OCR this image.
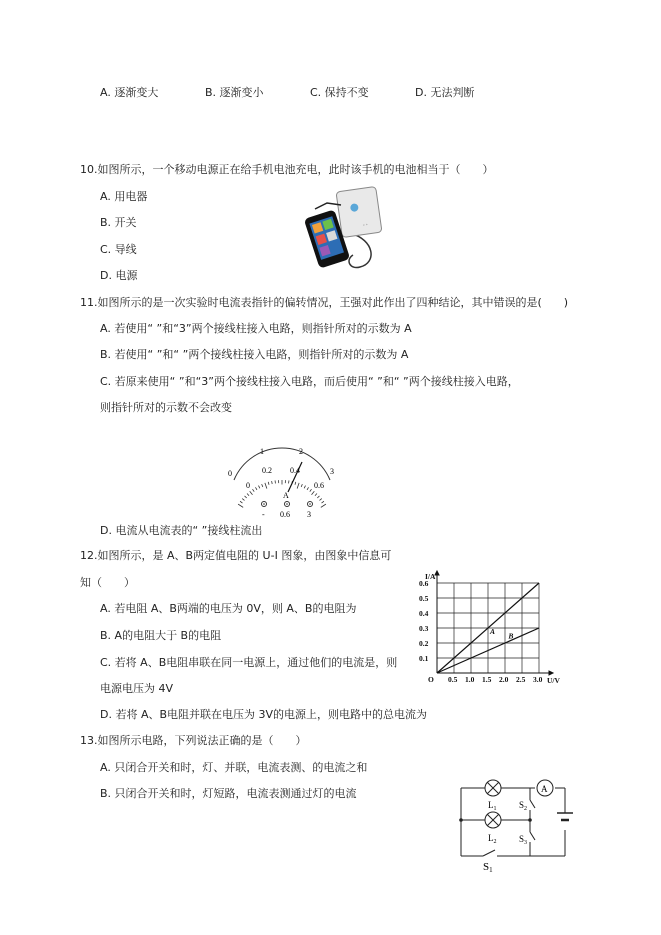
A. 逐渐变大	B. 逐渐变小	C. 保持不变	D. 无法判断
10.如图所示，一个移动电源正在给手机电池充电，此时该手机的电池相当于（　　）
A. 用电器
B. 开关
C. 导线
D. 电源
◦ ◦
11.如图所示的是一次实验时电流表指针的偏转情况，王强对此作出了四种结论，其中错误的是(　　)
A. 若使用“ ”和“3”两个接线柱接入电路，则指针所对的示数为 A
B. 若使用“ ”和“ ”两个接线柱接入电路，则指针所对的示数为 A
C. 若原来使用“ ”和“3”两个接线柱接入电路，而后使用“ ”和“ ”两个接线柱接入电路，
则指针所对的示数不会改变
0
1	2
3
0
0.2 0.4
0.6
A
- 0.6 3
D. 电流从电流表的“ ”接线柱流出
12.如图所示，是 A、B两定值电阻的 U-I 图象，由图象中信息可
知（　　）
A. 若电阻 A、B两端的电压为 0V，则 A、B的电阻为
B. A的电阻大于 B的电阻
C. 若将 A、B电阻串联在同一电源上，通过他们的电流是，则
电源电压为 4V
D. 若将 A、B电阻并联在电压为 3V的电源上，则电路中的总电流为
0.5 1.0 1.5 2.0 2.5 3.0
0.1
0.2
0.3
0.4
0.5
0.6
U/V
I/A
O
A B
13.如图所示电路，下列说法正确的是（　　）
A. 只闭合开关和时，灯、并联，电流表测、的电流之和
B. 只闭合开关和时，灯短路，电流表测通过灯的电流	A
$L_1$
$L_2$
$S_2$
$S_3$
S1
